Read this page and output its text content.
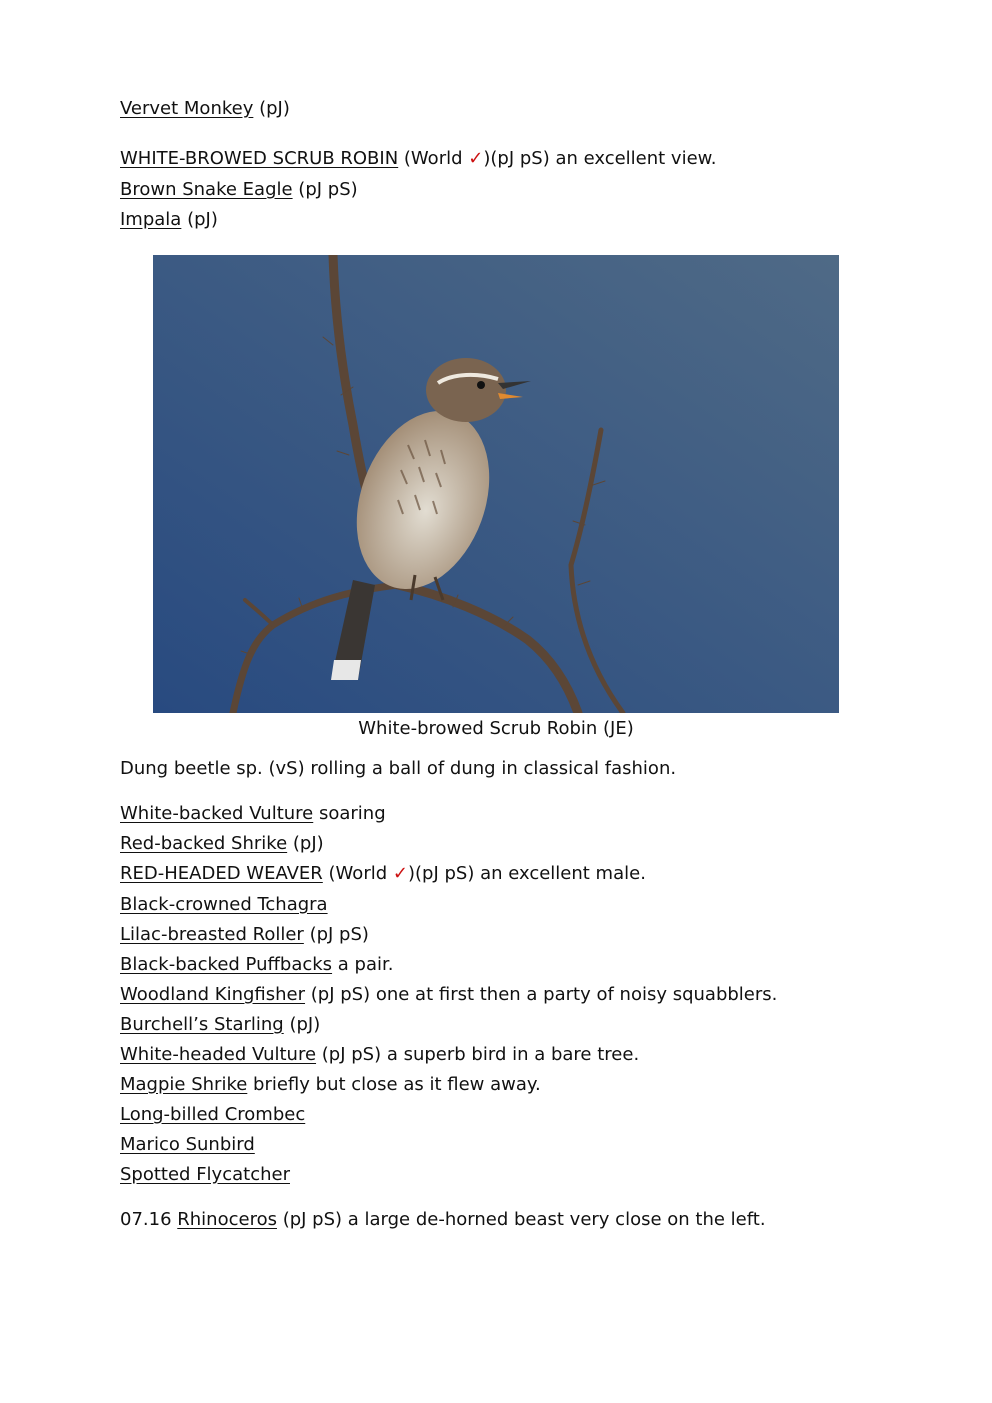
Vervet Monkey (pJ)
WHITE-BROWED SCRUB ROBIN (World ✓)(pJ pS) an excellent view.
Brown Snake Eagle (pJ pS)
Impala (pJ)
White-browed Scrub Robin (JE)
Dung beetle sp. (vS) rolling a ball of dung in classical fashion.
White-backed Vulture soaring
Red-backed Shrike (pJ)
RED-HEADED WEAVER (World ✓)(pJ pS) an excellent male.
Black-crowned Tchagra
Lilac-breasted Roller (pJ pS)
Black-backed Puffbacks a pair.
Woodland Kingfisher (pJ pS) one at first then a party of noisy squabblers.
Burchell’s Starling (pJ)
White-headed Vulture (pJ pS) a superb bird in a bare tree.
Magpie Shrike briefly but close as it flew away.
Long-billed Crombec
Marico Sunbird
Spotted Flycatcher
07.16 Rhinoceros (pJ pS) a large de-horned beast very close on the left.
